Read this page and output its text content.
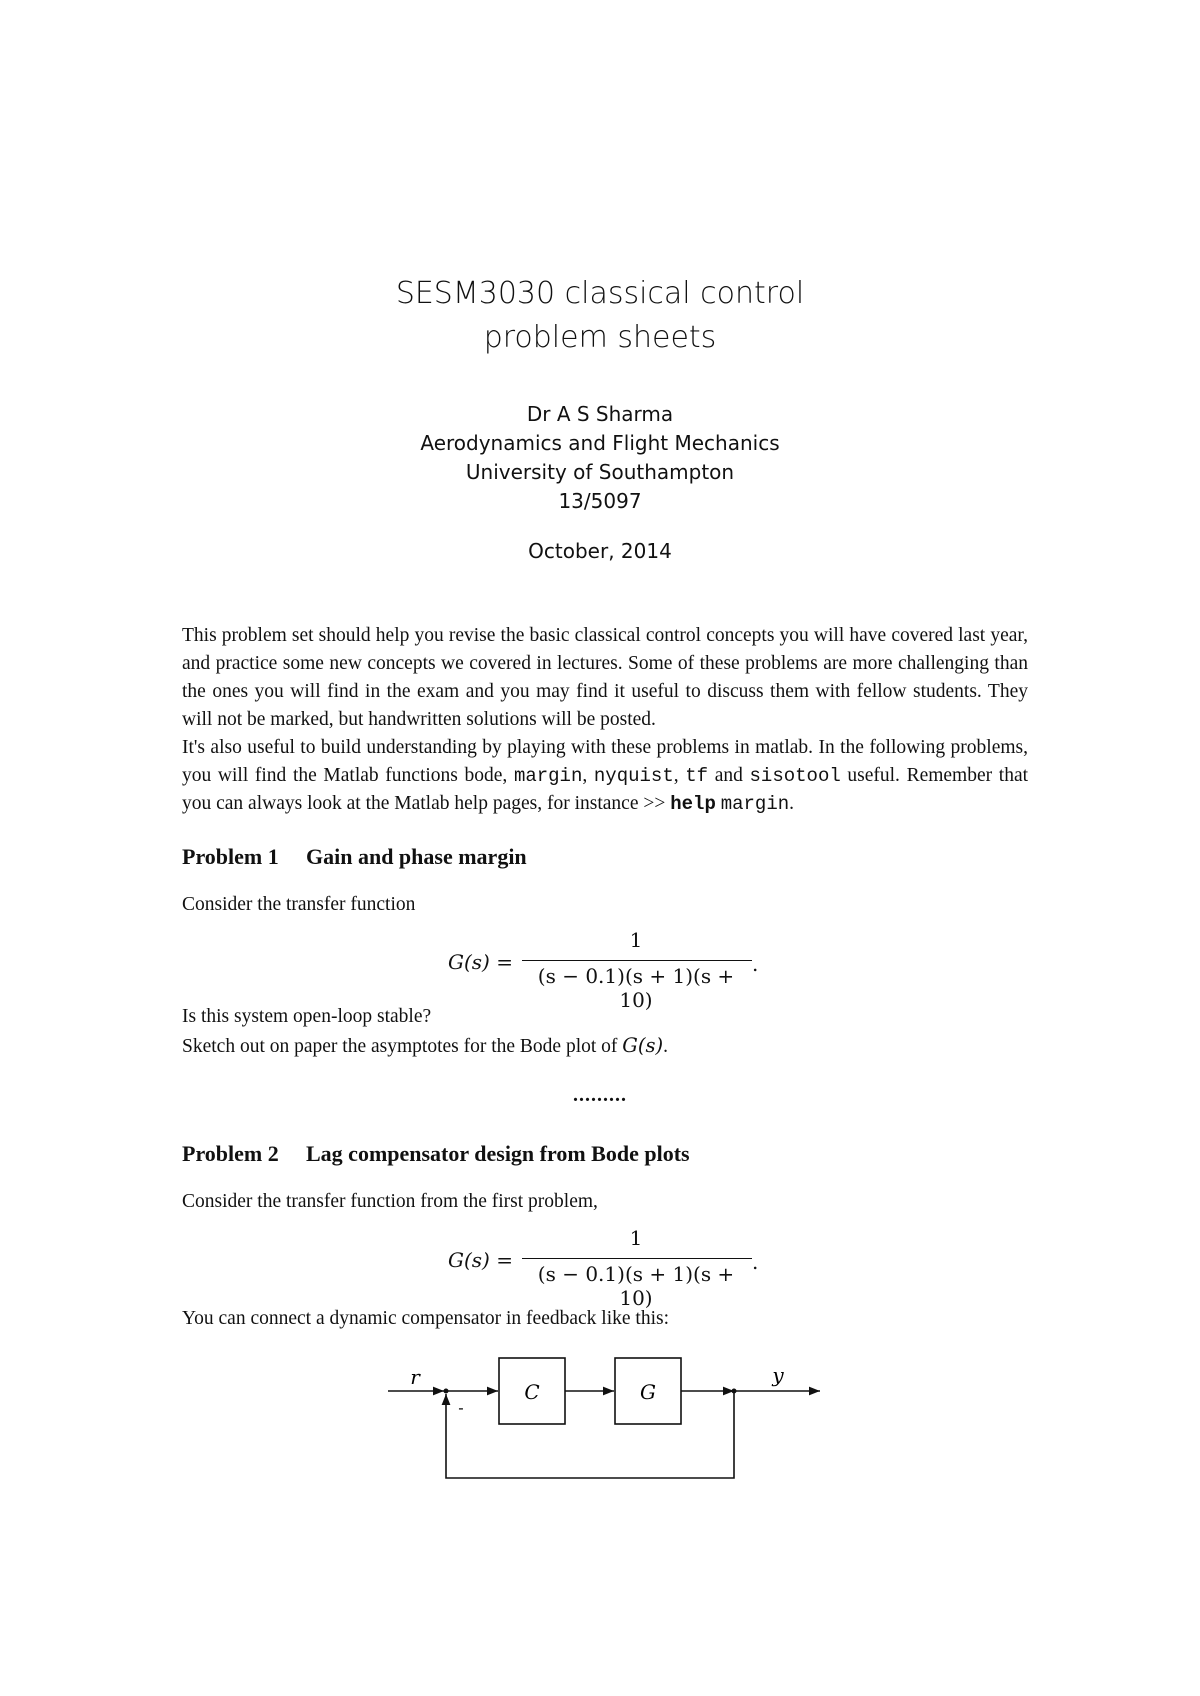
SESM3030 classical control
problem sheets
Dr A S Sharma
Aerodynamics and Flight Mechanics
University of Southampton
13/5097
October, 2014

This problem set should help you revise the basic classical control concepts you will have covered last year, and practice some new concepts we covered in lectures. Some of these problems are more challenging than the ones you will find in the exam and you may find it useful to discuss them with fellow students. They will not be marked, but handwritten solutions will be posted.

It's also useful to build understanding by playing with these problems in matlab. In the following problems, you will find the Matlab functions bode, margin, nyquist, tf and sisotool useful. Remember that you can always look at the Matlab help pages, for instance >> help margin.

Problem 1 Gain and phase margin
Consider the transfer function
G(s) =
1
(s − 0.1)(s + 1)(s + 10)
.
Is this system open-loop stable?
Sketch out on paper the asymptotes for the Bode plot of G(s).
.........
Problem 2 Lag compensator design from Bode plots
Consider the transfer function from the first problem,
G(s) =
1
(s − 0.1)(s + 1)(s + 10)
.
You can connect a dynamic compensator in feedback like this:
C	G
r	y
-
